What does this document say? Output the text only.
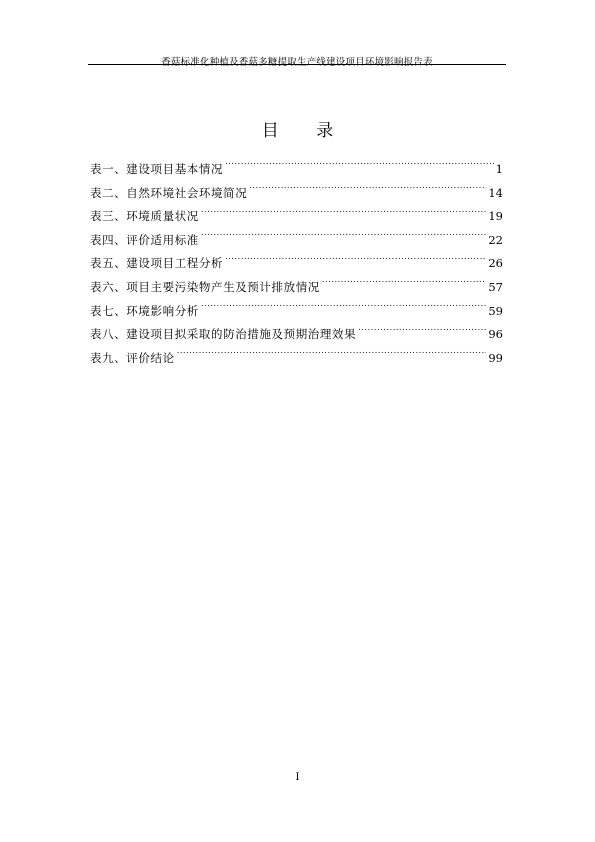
香菇标准化种植及香菇多糖提取生产线建设项目环境影响报告表
目 录
表一、建设项目基本情况 .....	1
表二、自然环境社会环境简况 .....	14
表三、环境质量状况 .....	19
表四、评价适用标准 .....	22
表五、建设项目工程分析 .....	26
表六、项目主要污染物产生及预计排放情况 .....	57
表七、环境影响分析 .....	59
表八、建设项目拟采取的防治措施及预期治理效果 .....	96
表九、评价结论 .....	99
I
